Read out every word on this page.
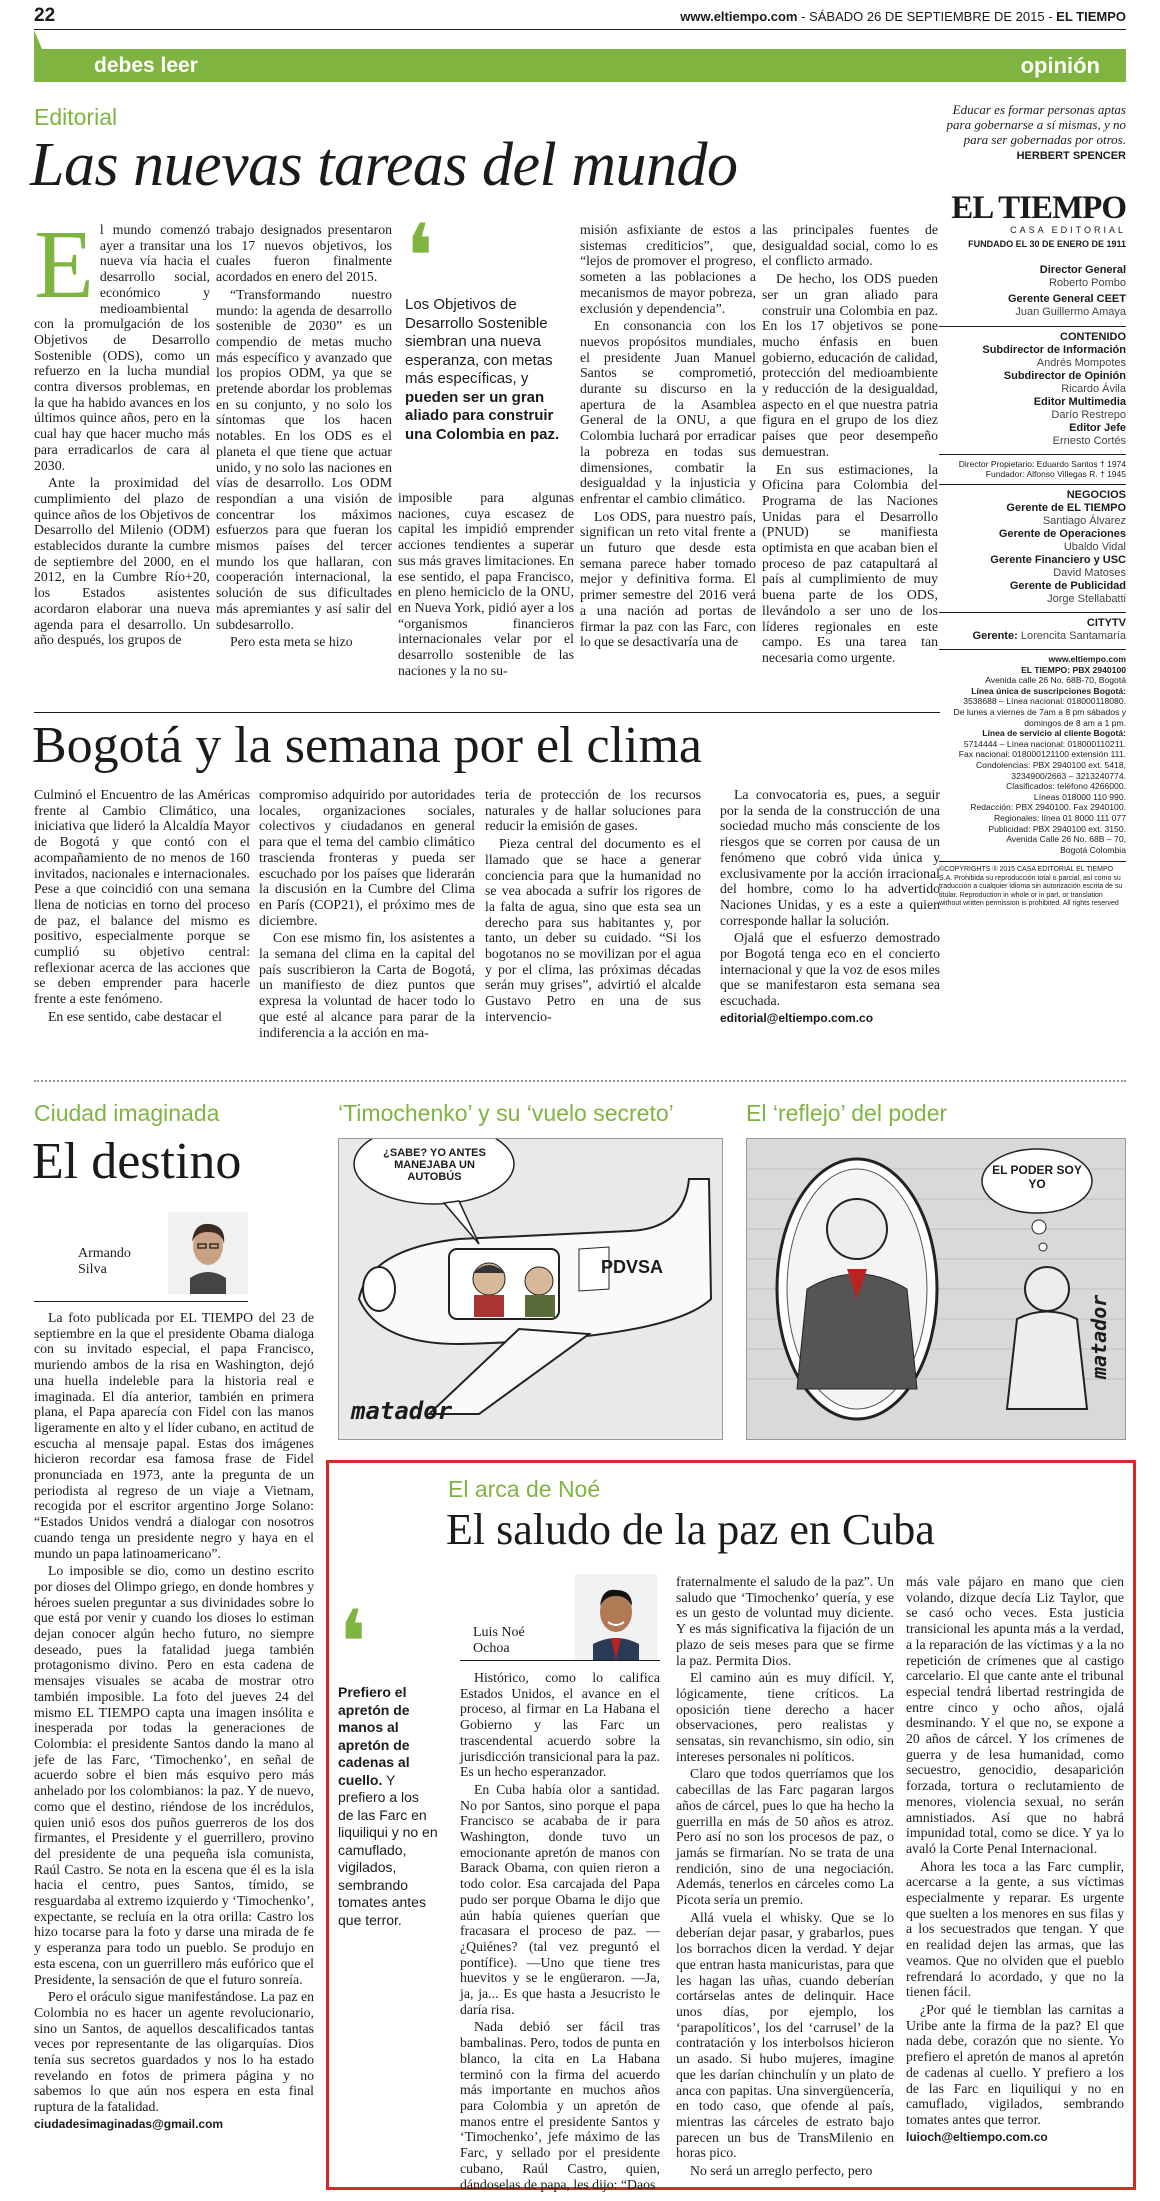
22	www.eltiempo.com - SÁBADO 26 DE SEPTIEMBRE DE 2015 - EL TIEMPO
debes leer	opinión
Editorial
Las nuevas tareas del mundo
E l mundo comenzó ayer a transitar una nueva vía hacia el desarrollo social, económico y medioambiental con la promulgación de los Objetivos de Desarrollo Sostenible (ODS), como un refuerzo en la lucha mundial contra diversos problemas, en la que ha habido avances en los últimos quince años, pero en la cual hay que hacer mucho más para erradicarlos de cara al 2030.

Ante la proximidad del cumplimiento del plazo de quince años de los Objetivos de Desarrollo del Milenio (ODM) establecidos durante la cumbre de septiembre del 2000, en el 2012, en la Cumbre Río+20, los Estados asistentes acordaron elaborar una nueva agenda para el desarrollo. Un año después, los grupos de

trabajo designados presentaron los 17 nuevos objetivos, los cuales fueron finalmente acordados en enero del 2015.

“Transformando nuestro mundo: la agenda de desarrollo sostenible de 2030” es un compendio de metas mucho más específico y avanzado que los propios ODM, ya que se pretende abordar los problemas en su conjunto, y no solo los síntomas que los hacen notables. En los ODS es el planeta el que tiene que actuar unido, y no solo las naciones en vías de desarrollo. Los ODM respondían a una visión de concentrar los máximos esfuerzos para que fueran los mismos países del tercer mundo los que hallaran, con cooperación internacional, la solución de sus dificultades más apremiantes y así salir del subdesarrollo.

Pero esta meta se hizo

❛
Los Objetivos de Desarrollo Sostenible siembran una nueva esperanza, con metas más específicas, y pueden ser un gran aliado para construir una Colombia en paz.

imposible para algunas naciones, cuya escasez de capital les impidió emprender acciones tendientes a superar sus más graves limitaciones. En ese sentido, el papa Francisco, en pleno hemiciclo de la ONU, en Nueva York, pidió ayer a los “organismos financieros internacionales velar por el desarrollo sostenible de las naciones y la no su-

misión asfixiante de estos a sistemas crediticios”, que, “lejos de promover el progreso, someten a las poblaciones a mecanismos de mayor pobreza, exclusión y dependencia”.

En consonancia con los nuevos propósitos mundiales, el presidente Juan Manuel Santos se comprometió, durante su discurso en la apertura de la Asamblea General de la ONU, a que Colombia luchará por erradicar la pobreza en todas sus dimensiones, combatir la desigualdad y la injusticia y enfrentar el cambio climático.

Los ODS, para nuestro país, significan un reto vital frente a un futuro que desde esta semana parece haber tomado mejor y definitiva forma. El primer semestre del 2016 verá a una nación ad portas de firmar la paz con las Farc, con lo que se desactivaría una de

las principales fuentes de desigualdad social, como lo es el conflicto armado.

De hecho, los ODS pueden ser un gran aliado para construir una Colombia en paz. En los 17 objetivos se pone mucho énfasis en buen gobierno, educación de calidad, protección del medioambiente y reducción de la desigualdad, aspecto en el que nuestra patria figura en el grupo de los diez países que peor desempeño demuestran.

En sus estimaciones, la Oficina para Colombia del Programa de las Naciones Unidas para el Desarrollo (PNUD) se manifiesta optimista en que acaban bien el proceso de paz catapultará al país al cumplimiento de muy buena parte de los ODS, llevándolo a ser uno de los líderes regionales en este campo. Es una tarea tan necesaria como urgente.

Educar es formar personas aptas para gobernarse a sí mismas, y no para ser gobernadas por otros.
HERBERT SPENCER
EL TIEMPO
CASA EDITORIAL
FUNDADO EL 30 DE ENERO DE 1911
Director General
Roberto Pombo
Gerente General CEET
Juan Guillermo Amaya
CONTENIDO
Subdirector de Información
Andrés Mompotes
Subdirector de Opinión
Ricardo Ávila
Editor Multimedia
Darío Restrepo
Editor Jefe
Ernesto Cortés
Director Propietario: Eduardo Santos † 1974
Fundador: Alfonso Villegas R. † 1945
NEGOCIOS
Gerente de EL TIEMPO
Santiago Álvarez
Gerente de Operaciones
Ubaldo Vidal
Gerente Financiero y USC
David Matoses
Gerente de Publicidad
Jorge Stellabatti
CITYTV
Gerente: Lorencita Santamaría
www.eltiempo.com
EL TIEMPO: PBX 2940100
Avenida calle 26 No. 68B-70, Bogotá
Línea única de suscripciones Bogotá:
3538688 – Línea nacional: 018000118080.
De lunes a viernes de 7am a 8 pm sábados y
domingos de 8 am a 1 pm.
Línea de servicio al cliente Bogotá:
5714444 – Línea nacional: 018000110211.
Fax nacional: 018000121100 extensión 111.
Condolencias: PBX 2940100 ext. 5418,
3234900/2663 – 3213240774.
Clasificados: teléfono 4266000.
Líneas 018000 110 990.
Redacción: PBX 2940100. Fax 2940100.
Regionales: línea 01 8000 111 077
Publicidad: PBX 2940100 ext. 3150.
Avenida Calle 26 No. 68B – 70,
Bogotá Colombia
©COPYRIGHTS ® 2015 CASA EDITORIAL EL TIEMPO S.A. Prohibida su reproducción total o parcial, así como su traducción a cualquier idioma sin autorización escrita de su titular. Reproduction in whole or in part, or translation without written permission is prohibited. All rights reserved
Bogotá y la semana por el clima

Culminó el Encuentro de las Américas frente al Cambio Climático, una iniciativa que lideró la Alcaldía Mayor de Bogotá y que contó con el acompañamiento de no menos de 160 invitados, nacionales e internacionales. Pese a que coincidió con una semana llena de noticias en torno del proceso de paz, el balance del mismo es positivo, especialmente porque se cumplió su objetivo central: reflexionar acerca de las acciones que se deben emprender para hacerle frente a este fenómeno.

En ese sentido, cabe destacar el

compromiso adquirido por autoridades locales, organizaciones sociales, colectivos y ciudadanos en general para que el tema del cambio climático trascienda fronteras y pueda ser escuchado por los países que liderarán la discusión en la Cumbre del Clima en París (COP21), el próximo mes de diciembre.

Con ese mismo fin, los asistentes a la semana del clima en la capital del país suscribieron la Carta de Bogotá, un manifiesto de diez puntos que expresa la voluntad de hacer todo lo que esté al alcance para parar de la indiferencia a la acción en ma-

teria de protección de los recursos naturales y de hallar soluciones para reducir la emisión de gases.

Pieza central del documento es el llamado que se hace a generar conciencia para que la humanidad no se vea abocada a sufrir los rigores de la falta de agua, sino que esta sea un derecho para sus habitantes y, por tanto, un deber su cuidado. “Si los bogotanos no se movilizan por el agua y por el clima, las próximas décadas serán muy grises”, advirtió el alcalde Gustavo Petro en una de sus intervencio-

La convocatoria es, pues, a seguir por la senda de la construcción de una sociedad mucho más consciente de los riesgos que se corren por causa de un fenómeno que cobró vida única y exclusivamente por la acción irracional del hombre, como lo ha advertido Naciones Unidas, y es a este a quien corresponde hallar la solución.

Ojalá que el esfuerzo demostrado por Bogotá tenga eco en el concierto internacional y que la voz de esos miles que se manifestaron esta semana sea escuchada.

editorial@eltiempo.com.co

Ciudad imaginada
El destino
Armando
Silva

La foto publicada por EL TIEMPO del 23 de septiembre en la que el presidente Obama dialoga con su invitado especial, el papa Francisco, muriendo ambos de la risa en Washington, dejó una huella indeleble para la historia real e imaginada. El día anterior, también en primera plana, el Papa aparecía con Fidel con las manos ligeramente en alto y el líder cubano, en actitud de escucha al mensaje papal. Estas dos imágenes hicieron recordar esa famosa frase de Fidel pronunciada en 1973, ante la pregunta de un periodista al regreso de un viaje a Vietnam, recogida por el escritor argentino Jorge Solano: “Estados Unidos vendrá a dialogar con nosotros cuando tenga un presidente negro y haya en el mundo un papa latinoamericano”.

Lo imposible se dio, como un destino escrito por dioses del Olimpo griego, en donde hombres y héroes suelen preguntar a sus divinidades sobre lo que está por venir y cuando los dioses lo estiman dejan conocer algún hecho futuro, no siempre deseado, pues la fatalidad juega también protagonismo divino. Pero en esta cadena de mensajes visuales se acaba de mostrar otro también imposible. La foto del jueves 24 del mismo EL TIEMPO capta una imagen insólita e inesperada por todas la generaciones de Colombia: el presidente Santos dando la mano al jefe de las Farc, ‘Timochenko’, en señal de acuerdo sobre el bien más esquivo pero más anhelado por los colombianos: la paz. Y de nuevo, como que el destino, riéndose de los incrédulos, quien unió esos dos puños guerreros de los dos firmantes, el Presidente y el guerrillero, provino del presidente de una pequeña isla comunista, Raúl Castro. Se nota en la escena que él es la isla hacia el centro, pues Santos, tímido, se resguardaba al extremo izquierdo y ‘Timochenko’, expectante, se recluía en la otra orilla: Castro los hizo tocarse para la foto y darse una mirada de fe y esperanza para todo un pueblo. Se produjo en esta escena, con un guerrillero más eufórico que el Presidente, la sensación de que el futuro sonreía.

Pero el oráculo sigue manifestándose. La paz en Colombia no es hacer un agente revolucionario, sino un Santos, de aquellos descalificados tantas veces por representante de las oligarquías. Dios tenía sus secretos guardados y nos lo ha estado revelando en fotos de primera página y no sabemos lo que aún nos espera en esta final ruptura de la fatalidad.

ciudadesimaginadas@gmail.com

‘Timochenko’ y su ‘vuelo secreto’
¿SABE? YO ANTES MANEJABA UN AUTOBÚS
PDVSA
matador
El ‘reflejo’ del poder
EL PODER SOY YO
matador
El arca de Noé
El saludo de la paz en Cuba
❛
Prefiero el apretón de manos al apretón de cadenas al cuello. Y prefiero a los de las Farc en liquiliqui y no en camuflado, vigilados, sembrando tomates antes que terror.
Luis Noé
Ochoa

Histórico, como lo califica Estados Unidos, el avance en el proceso, al firmar en La Habana el Gobierno y las Farc un trascendental acuerdo sobre la jurisdicción transicional para la paz. Es un hecho esperanzador.

En Cuba había olor a santidad. No por Santos, sino porque el papa Francisco se acababa de ir para Washington, donde tuvo un emocionante apretón de manos con Barack Obama, con quien rieron a todo color. Esa carcajada del Papa pudo ser porque Obama le dijo que aún había quienes querían que fracasara el proceso de paz. —¿Quiénes? (tal vez preguntó el pontífice). —Uno que tiene tres huevitos y se le engüeraron. —Ja, ja, ja... Es que hasta a Jesucristo le daría risa.

Nada debió ser fácil tras bambalinas. Pero, todos de punta en blanco, la cita en La Habana terminó con la firma del acuerdo más importante en muchos años para Colombia y un apretón de manos entre el presidente Santos y ‘Timochenko’, jefe máximo de las Farc, y sellado por el presidente cubano, Raúl Castro, quien, dándoselas de papa, les dijo: “Daos

fraternalmente el saludo de la paz”. Un saludo que ‘Timochenko’ quería, y ese es un gesto de voluntad muy diciente. Y es más significativa la fijación de un plazo de seis meses para que se firme la paz. Permita Dios.

El camino aún es muy difícil. Y, lógicamente, tiene críticos. La oposición tiene derecho a hacer observaciones, pero realistas y sensatas, sin revanchismo, sin odio, sin intereses personales ni políticos.

Claro que todos querríamos que los cabecillas de las Farc pagaran largos años de cárcel, pues lo que ha hecho la guerrilla en más de 50 años es atroz. Pero así no son los procesos de paz, o jamás se firmarían. No se trata de una rendición, sino de una negociación. Además, tenerlos en cárceles como La Picota sería un premio.

Allá vuela el whisky. Que se lo deberían dejar pasar, y grabarlos, pues los borrachos dicen la verdad. Y dejar que entran hasta manicuristas, para que les hagan las uñas, cuando deberían cortárselas antes de delinquir. Hace unos días, por ejemplo, los ‘parapolíticos’, los del ‘carrusel’ de la contratación y los interbolsos hicieron un asado. Si hubo mujeres, imagine que les darían chinchulín y un plato de anca con papitas. Una sinvergüencería, en todo caso, que ofende al país, mientras las cárceles de estrato bajo parecen un bus de TransMilenio en horas pico.

No será un arreglo perfecto, pero

más vale pájaro en mano que cien volando, dizque decía Liz Taylor, que se casó ocho veces. Esta justicia transicional les apunta más a la verdad, a la reparación de las víctimas y a la no repetición de crímenes que al castigo carcelario. El que cante ante el tribunal especial tendrá libertad restringida de entre cinco y ocho años, ojalá desminando. Y el que no, se expone a 20 años de cárcel. Y los crímenes de guerra y de lesa humanidad, como secuestro, genocidio, desaparición forzada, tortura o reclutamiento de menores, violencia sexual, no serán amnistiados. Así que no habrá impunidad total, como se dice. Y ya lo avaló la Corte Penal Internacional.

Ahora les toca a las Farc cumplir, acercarse a la gente, a sus víctimas especialmente y reparar. Es urgente que suelten a los menores en sus filas y a los secuestrados que tengan. Y que en realidad dejen las armas, que las veamos. Que no olviden que el pueblo refrendará lo acordado, y que no la tienen fácil.

¿Por qué le tiemblan las carnitas a Uribe ante la firma de la paz? El que nada debe, corazón que no siente. Yo prefiero el apretón de manos al apretón de cadenas al cuello. Y prefiero a los de las Farc en liquiliqui y no en camuflado, vigilados, sembrando tomates antes que terror.

luioch@eltiempo.com.co
